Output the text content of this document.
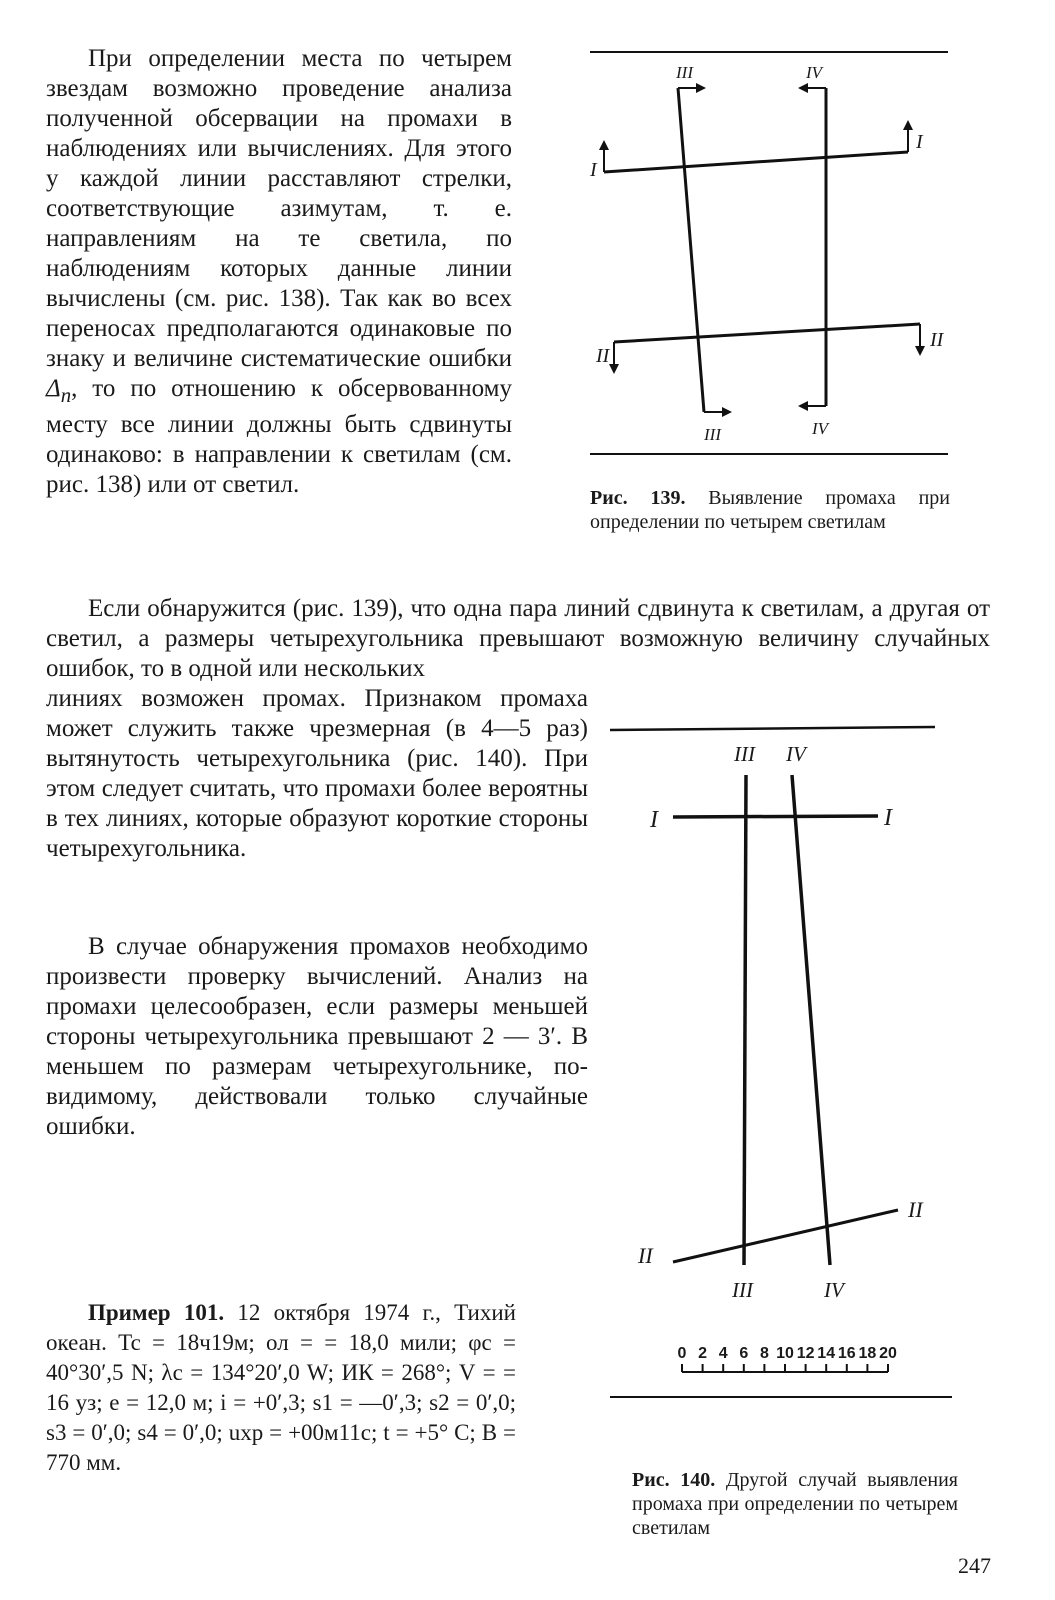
При определении места по четырем звездам возможно проведение анализа полученной обсервации на промахи в наблюдениях или вычислениях. Для этого у каждой линии расставляют стрелки, соответствующие азимутам, т. е. направлениям на те светила, по наблюдениям которых данные линии вычислены (см. рис. 138). Так как во всех переносах предполагаются одинаковые по знаку и величине систематические ошибки $\Delta_n$, то по отношению к обсервованному месту все линии должны быть сдвинуты одинаково: в направлении к светилам (см. рис. 138) или от светил.

I
I
II
II
III	IV
III	IV

Рис. 139. Выявление промаха при определении по четырем светилам

Если обнаружится (рис. 139), что одна пара линий сдвинута к светилам, а другая от светил, а размеры четырехугольника превышают возможную величину случайных ошибок, то в одной или нескольких

линиях возможен промах. Признаком промаха может служить также чрезмерная (в 4—5 раз) вытянутость четырехугольника (рис. 140). При этом следует считать, что промахи более вероятны в тех линиях, которые образуют короткие стороны четырехугольника.

I	I
II
II
III IV
III	IV
0 2 4 6 8 10 12 14 16 18 20

Рис. 140. Другой случай выявления промаха при определении по четырем светилам

В случае обнаружения промахов необходимо произвести проверку вычислений. Анализ на промахи целесообразен, если размеры меньшей стороны четырехугольника превышают 2 — 3′. В меньшем по размерам четырехугольнике, по-видимому, действовали только случайные ошибки.

Пример 101. 12 октября 1974 г., Тихий океан. Tc = 18ч19м; ол = = 18,0 мили; φc = 40°30′,5 N; λc = 134°20′,0 W; ИК = 268°; V = = 16 уз; e = 12,0 м; i = +0′,3; s1 = —0′,3; s2 = 0′,0; s3 = 0′,0; s4 = 0′,0; uхр = +00м11с; t = +5° C; B = 770 мм.

247
